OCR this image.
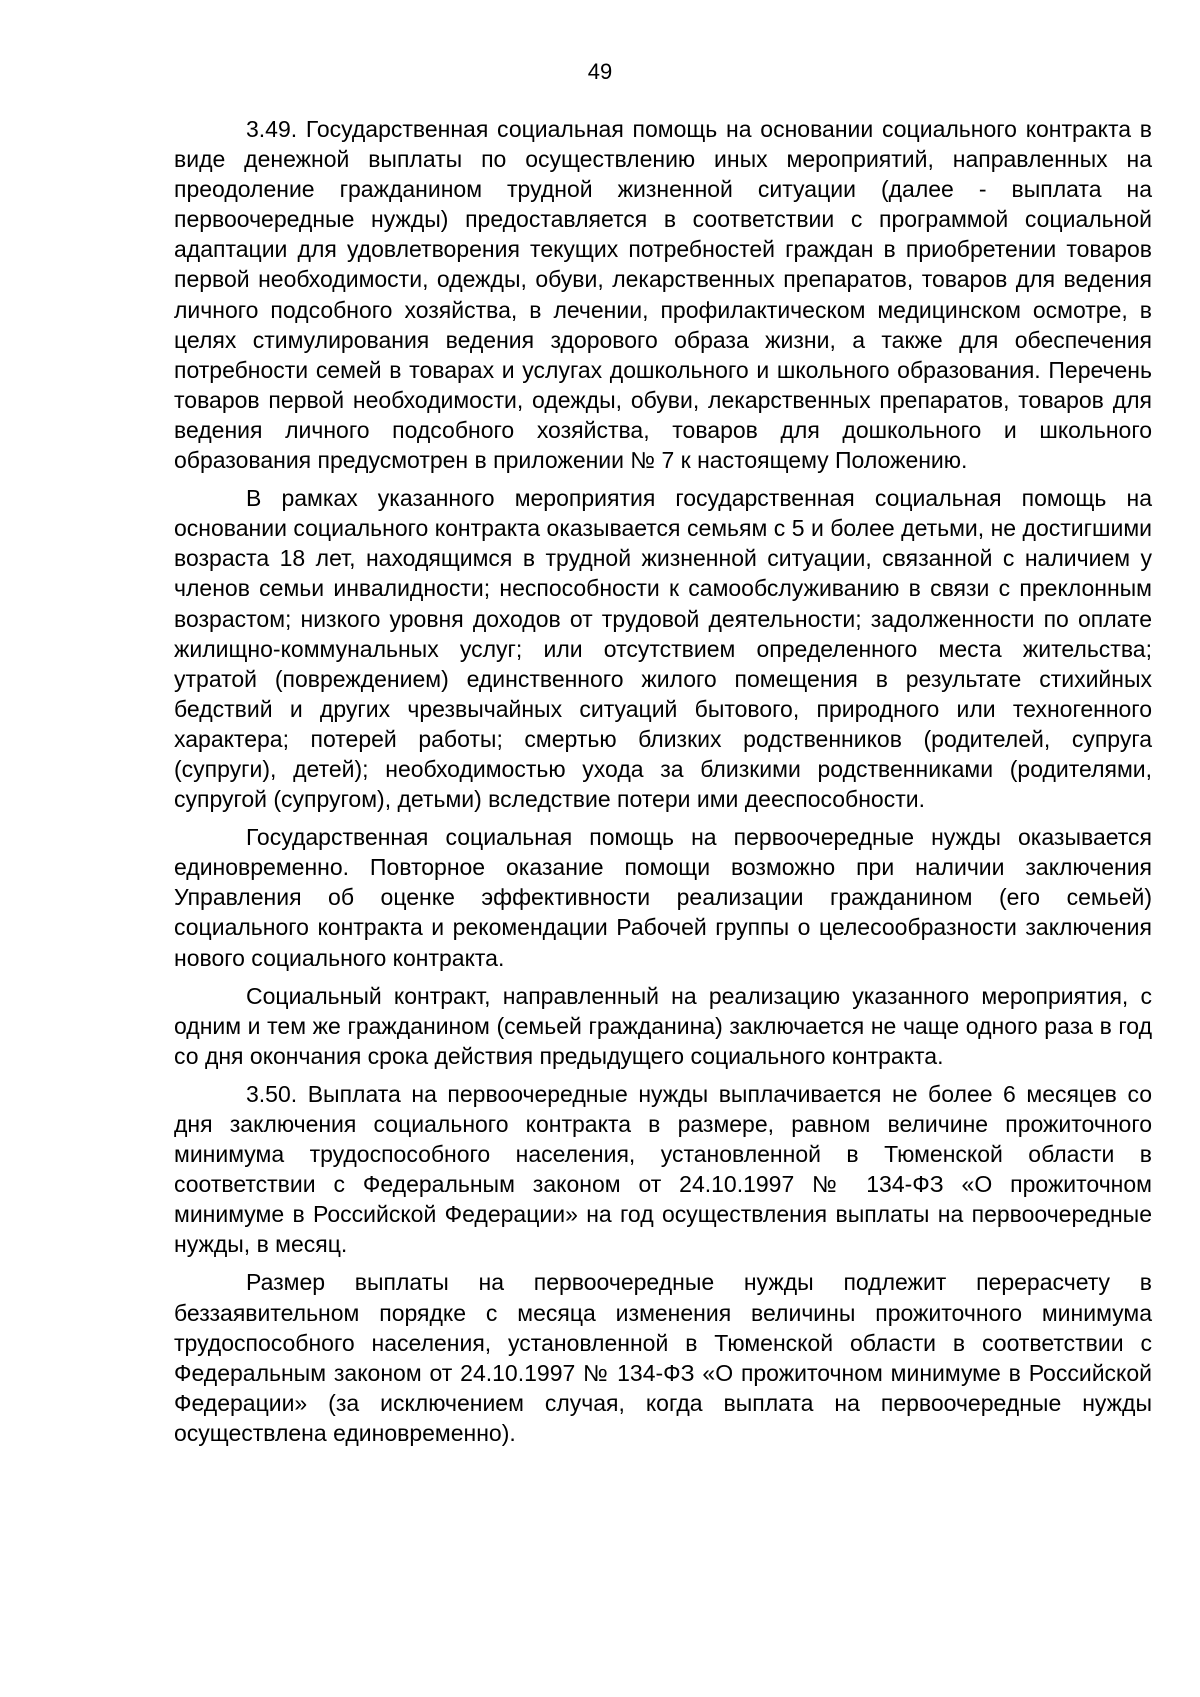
49

3.49. Государственная социальная помощь на основании социального контракта в виде денежной выплаты по осуществлению иных мероприятий, направленных на преодоление гражданином трудной жизненной ситуации (далее - выплата на первоочередные нужды) предоставляется в соответствии с программой социальной адаптации для удовлетворения текущих потребностей граждан в приобретении товаров первой необходимости, одежды, обуви, лекарственных препаратов, товаров для ведения личного подсобного хозяйства, в лечении, профилактическом медицинском осмотре, в целях стимулирования ведения здорового образа жизни, а также для обеспечения потребности семей в товарах и услугах дошкольного и школьного образования. Перечень товаров первой необходимости, одежды, обуви, лекарственных препаратов, товаров для ведения личного подсобного хозяйства, товаров для дошкольного и школьного образования предусмотрен в приложении № 7 к настоящему Положению.

В рамках указанного мероприятия государственная социальная помощь на основании социального контракта оказывается семьям с 5 и более детьми, не достигшими возраста 18 лет, находящимся в трудной жизненной ситуации, связанной с наличием у членов семьи инвалидности; неспособности к самообслуживанию в связи с преклонным возрастом; низкого уровня доходов от трудовой деятельности; задолженности по оплате жилищно-коммунальных услуг; или отсутствием определенного места жительства; утратой (повреждением) единственного жилого помещения в результате стихийных бедствий и других чрезвычайных ситуаций бытового, природного или техногенного характера; потерей работы; смертью близких родственников (родителей, супруга (супруги), детей); необходимостью ухода за близкими родственниками (родителями, супругой (супругом), детьми) вследствие потери ими дееспособности.

Государственная социальная помощь на первоочередные нужды оказывается единовременно. Повторное оказание помощи возможно при наличии заключения Управления об оценке эффективности реализации гражданином (его семьей) социального контракта и рекомендации Рабочей группы о целесообразности заключения нового социального контракта.

Социальный контракт, направленный на реализацию указанного мероприятия, с одним и тем же гражданином (семьей гражданина) заключается не чаще одного раза в год со дня окончания срока действия предыдущего социального контракта.

3.50. Выплата на первоочередные нужды выплачивается не более 6 месяцев со дня заключения социального контракта в размере, равном величине прожиточного минимума трудоспособного населения, установленной в Тюменской области в соответствии с Федеральным законом от 24.10.1997 № 134-ФЗ «О прожиточном минимуме в Российской Федерации» на год осуществления выплаты на первоочередные нужды, в месяц.

Размер выплаты на первоочередные нужды подлежит перерасчету в беззаявительном порядке с месяца изменения величины прожиточного минимума трудоспособного населения, установленной в Тюменской области в соответствии с Федеральным законом от 24.10.1997 № 134-ФЗ «О прожиточном минимуме в Российской Федерации» (за исключением случая, когда выплата на первоочередные нужды осуществлена единовременно).
